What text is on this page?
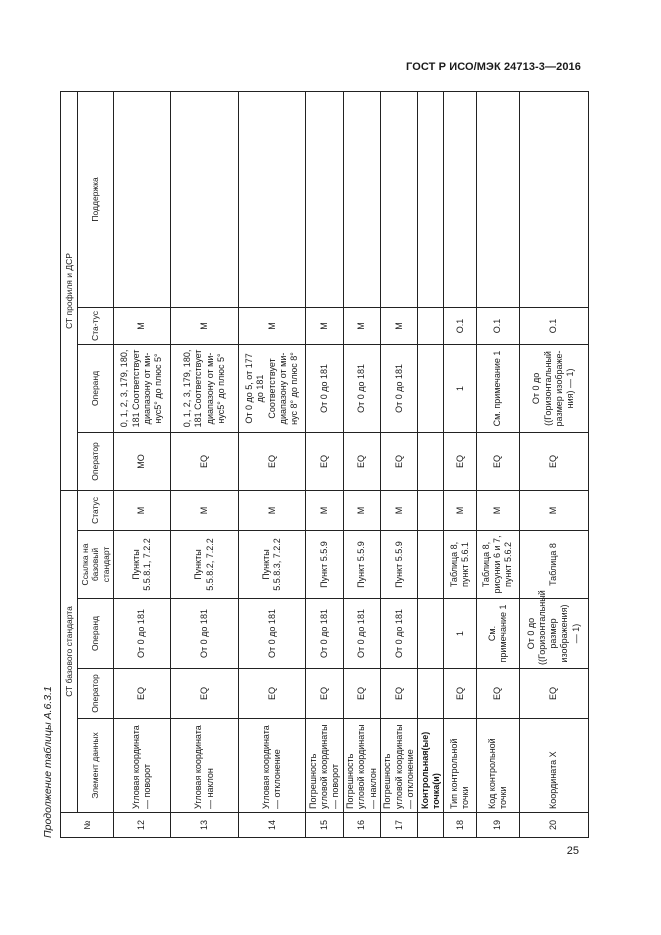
ГОСТ Р ИСО/МЭК 24713-3—2016
Продолжение таблицы A.6.3.1	№	СТ базового стандарта					СТ профиля и ДСР			
	Элемент данных	Оператор	Операнд	Ссылка на базовый стандарт	Статус	Оператор	Операнд	Ста-тус	Поддержка
12	Угловая координата — поворот	EQ	От 0 до 181	Пункты 5.5.8.1, 7.2.2	M	MO	0, 1, 2, 3, 179, 180, 181 Соответствует диапазону от ми-нус5° до плюс 5°	M	
13	Угловая координата — наклон	EQ	От 0 до 181	Пункты 5.5.8.2, 7.2.2	M	EQ	0, 1, 2, 3, 179, 180, 181 Соответствует диапазону от ми-нус5° до плюс 5°	M	
14	Угловая координата — отклонение	EQ	От 0 до 181	Пункты 5.5.8.3, 7.2.2	M	EQ	От 0 до 5, от 177 до 181 Соответствует диапазону от ми-нус 8° до плюс 8°	M	
15	Погрешность угловой координаты — поворот	EQ	От 0 до 181	Пункт 5.5.9	M	EQ	От 0 до 181	M	
16	Погрешность угловой координаты — наклон	EQ	От 0 до 181	Пункт 5.5.9	M	EQ	От 0 до 181	M	
17	Погрешность угловой координаты — отклонение	EQ	От 0 до 181	Пункт 5.5.9	M	EQ	От 0 до 181	M	
	Контрольная(ые) точка(и)								
18	Тип контрольной точки	EQ	1	Таблица 8, пункт 5.6.1	M	EQ	1	O.1	
19	Код контрольной точки	EQ	См. примечание 1	Таблица 8, рисунки 6 и 7, пункт 5.6.2	M	EQ	См. примечание 1	O.1	
20	Координата X	EQ	От 0 до ((Горизонтальный размер изображения) — 1)	Таблица 8	M	EQ	От 0 до ((Горизонтальный размер изображе-ния) — 1)	O.1	
25
